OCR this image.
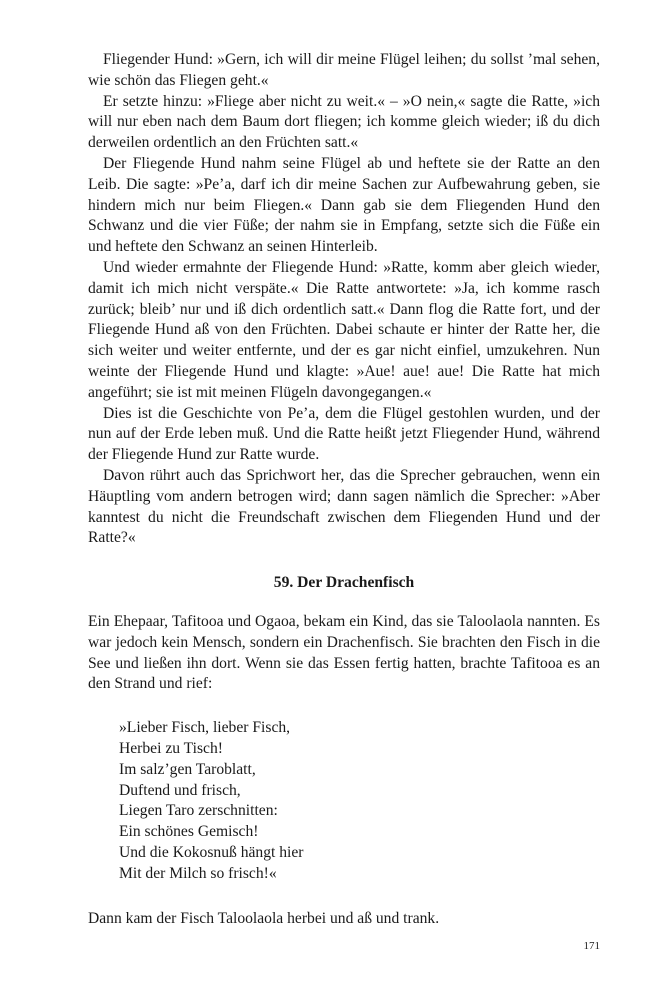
Fliegender Hund: »Gern, ich will dir meine Flügel leihen; du sollst ’mal sehen, wie schön das Fliegen geht.«

Er setzte hinzu: »Fliege aber nicht zu weit.« – »O nein,« sagte die Ratte, »ich will nur eben nach dem Baum dort fliegen; ich komme gleich wieder; iß du dich derweilen ordentlich an den Früchten satt.«

Der Fliegende Hund nahm seine Flügel ab und heftete sie der Ratte an den Leib. Die sagte: »Pe’a, darf ich dir meine Sachen zur Aufbewahrung geben, sie hindern mich nur beim Fliegen.« Dann gab sie dem Fliegenden Hund den Schwanz und die vier Füße; der nahm sie in Empfang, setzte sich die Füße ein und heftete den Schwanz an seinen Hinterleib.

Und wieder ermahnte der Fliegende Hund: »Ratte, komm aber gleich wieder, damit ich mich nicht verspäte.« Die Ratte antwortete: »Ja, ich komme rasch zurück; bleib’ nur und iß dich ordentlich satt.« Dann flog die Ratte fort, und der Fliegende Hund aß von den Früchten. Dabei schaute er hinter der Ratte her, die sich weiter und weiter entfernte, und der es gar nicht einfiel, umzukehren. Nun weinte der Fliegende Hund und klagte: »Aue! aue! aue! Die Ratte hat mich angeführt; sie ist mit meinen Flügeln davongegangen.«

Dies ist die Geschichte von Pe’a, dem die Flügel gestohlen wurden, und der nun auf der Erde leben muß. Und die Ratte heißt jetzt Fliegender Hund, während der Fliegende Hund zur Ratte wurde.

Davon rührt auch das Sprichwort her, das die Sprecher gebrauchen, wenn ein Häuptling vom andern betrogen wird; dann sagen nämlich die Sprecher: »Aber kanntest du nicht die Freundschaft zwischen dem Fliegenden Hund und der Ratte?«

59. Der Drachenfisch

Ein Ehepaar, Tafitooa und Ogaoa, bekam ein Kind, das sie Taloolaola nannten. Es war jedoch kein Mensch, sondern ein Drachenfisch. Sie brachten den Fisch in die See und ließen ihn dort. Wenn sie das Essen fertig hatten, brachte Tafitooa es an den Strand und rief:

»Lieber Fisch, lieber Fisch,
Herbei zu Tisch!
Im salz’gen Taroblatt,
Duftend und frisch,
Liegen Taro zerschnitten:
Ein schönes Gemisch!
Und die Kokosnuß hängt hier
Mit der Milch so frisch!«

Dann kam der Fisch Taloolaola herbei und aß und trank.

171
